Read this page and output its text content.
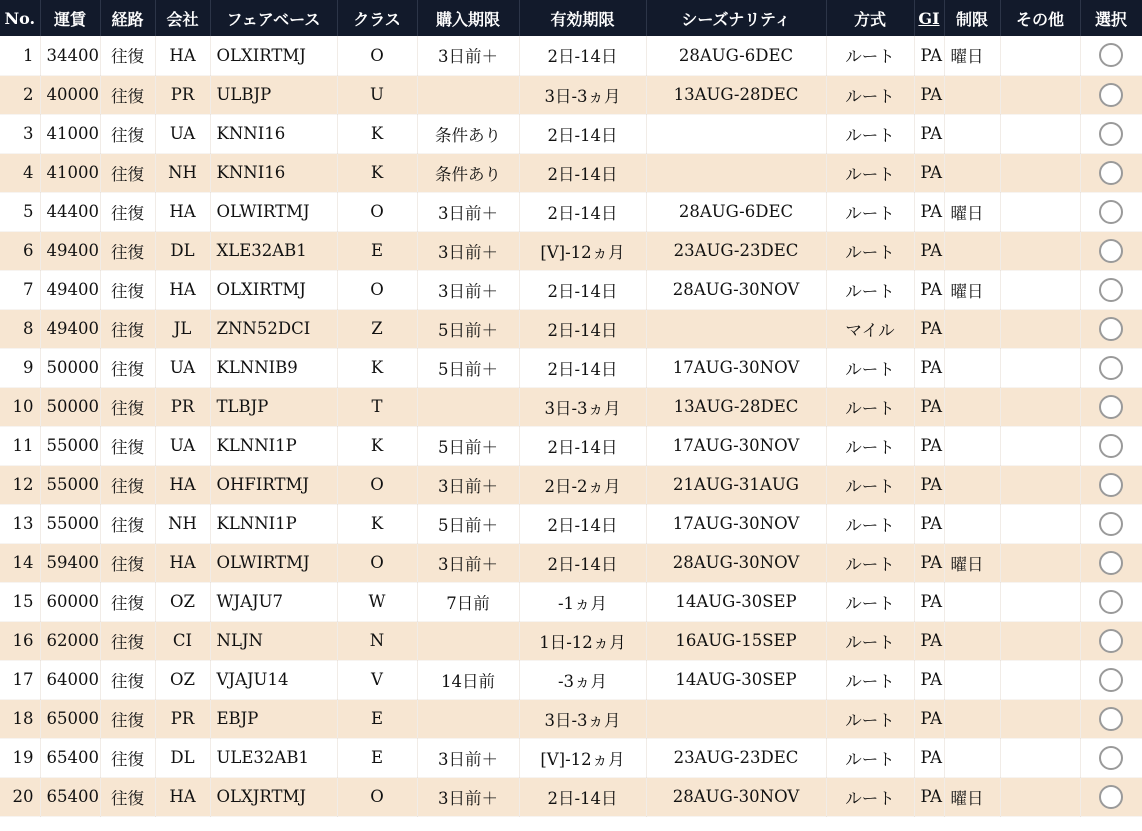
No.	運賃	経路	会社	フェアベース	クラス	購入期限	有効期限	シーズナリティ	方式	GI	制限	その他	選択
1	34400	往復	HA	OLXIRTMJ	O	3日前＋	2日-14日	28AUG-6DEC	ルート	PA	曜日		
2	40000	往復	PR	ULBJP	U		3日-3ヵ月	13AUG-28DEC	ルート	PA			
3	41000	往復	UA	KNNI16	K	条件あり	2日-14日		ルート	PA			
4	41000	往復	NH	KNNI16	K	条件あり	2日-14日		ルート	PA			
5	44400	往復	HA	OLWIRTMJ	O	3日前＋	2日-14日	28AUG-6DEC	ルート	PA	曜日		
6	49400	往復	DL	XLE32AB1	E	3日前＋	[V]-12ヵ月	23AUG-23DEC	ルート	PA			
7	49400	往復	HA	OLXIRTMJ	O	3日前＋	2日-14日	28AUG-30NOV	ルート	PA	曜日		
8	49400	往復	JL	ZNN52DCI	Z	5日前＋	2日-14日		マイル	PA			
9	50000	往復	UA	KLNNIB9	K	5日前＋	2日-14日	17AUG-30NOV	ルート	PA			
10	50000	往復	PR	TLBJP	T		3日-3ヵ月	13AUG-28DEC	ルート	PA			
11	55000	往復	UA	KLNNI1P	K	5日前＋	2日-14日	17AUG-30NOV	ルート	PA			
12	55000	往復	HA	OHFIRTMJ	O	3日前＋	2日-2ヵ月	21AUG-31AUG	ルート	PA			
13	55000	往復	NH	KLNNI1P	K	5日前＋	2日-14日	17AUG-30NOV	ルート	PA			
14	59400	往復	HA	OLWIRTMJ	O	3日前＋	2日-14日	28AUG-30NOV	ルート	PA	曜日		
15	60000	往復	OZ	WJAJU7	W	7日前	-1ヵ月	14AUG-30SEP	ルート	PA			
16	62000	往復	CI	NLJN	N		1日-12ヵ月	16AUG-15SEP	ルート	PA			
17	64000	往復	OZ	VJAJU14	V	14日前	-3ヵ月	14AUG-30SEP	ルート	PA			
18	65000	往復	PR	EBJP	E		3日-3ヵ月		ルート	PA			
19	65400	往復	DL	ULE32AB1	E	3日前＋	[V]-12ヵ月	23AUG-23DEC	ルート	PA			
20	65400	往復	HA	OLXJRTMJ	O	3日前＋	2日-14日	28AUG-30NOV	ルート	PA	曜日		
